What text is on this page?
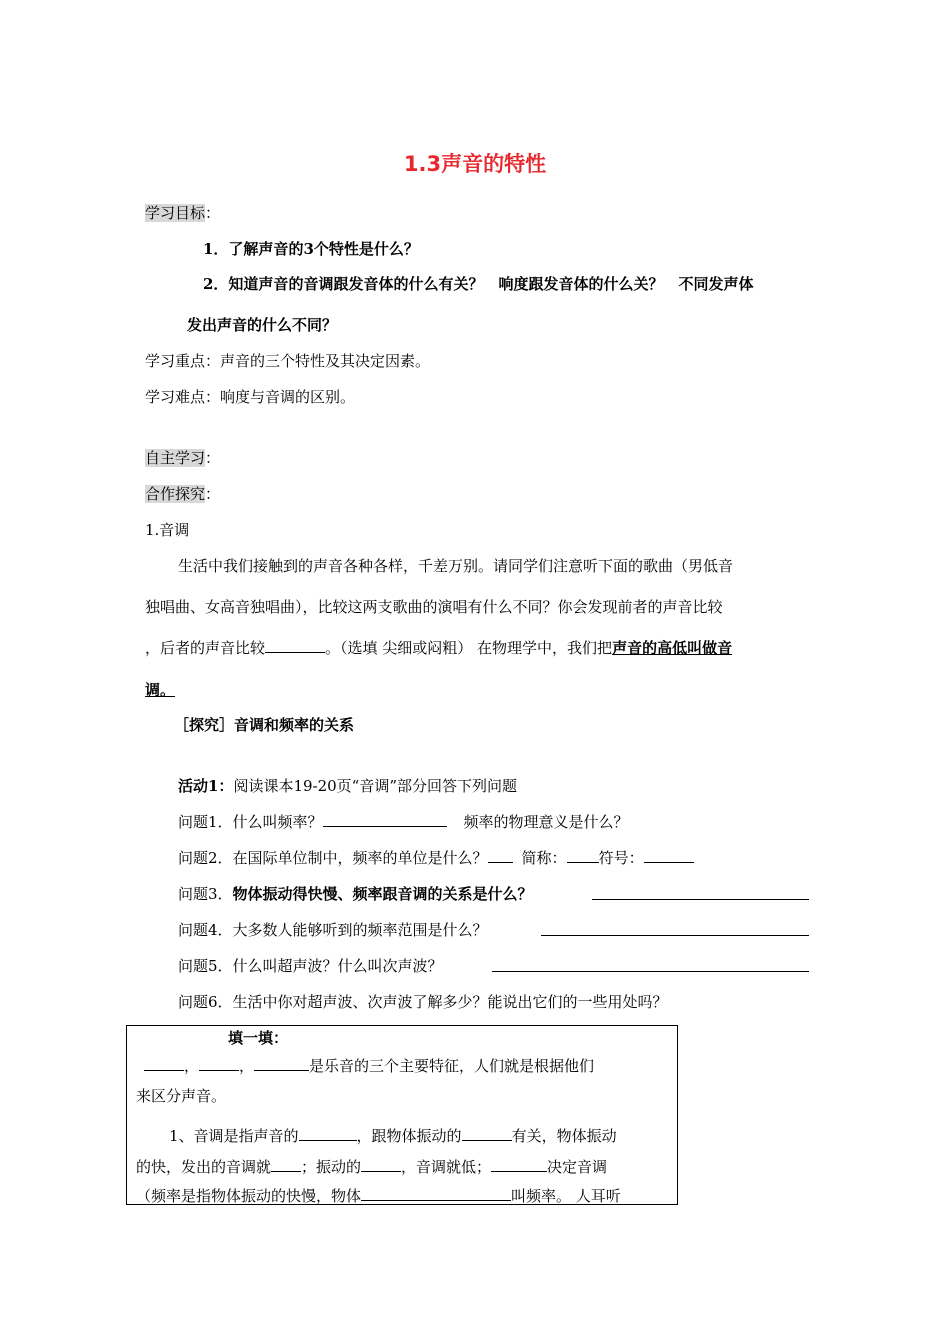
1.3声音的特性
学习目标：
1．了解声音的3个特性是什么？
2．知道声音的音调跟发音体的什么有关？　响度跟发音体的什么关？　不同发声体
发出声音的什么不同？
学习重点：声音的三个特性及其决定因素。
学习难点：响度与音调的区别。
自主学习：
合作探究：
1.音调
生活中我们接触到的声音各种各样，千差万别。请同学们注意听下面的歌曲（男低音
独唱曲、女高音独唱曲），比较这两支歌曲的演唱有什么不同？你会发现前者的声音比较
，后者的声音比较	。（选填 尖细或闷粗） 在物理学中，我们把声音的高低叫做音
调。
［探究］音调和频率的关系
活动1：阅读课本19-20页“音调”部分回答下列问题
问题1．什么叫频率？	频率的物理意义是什么？
问题2．在国际单位制中，频率的单位是什么？ 简称： 符号：
问题3．物体振动得快慢、频率跟音调的关系是什么？
问题4．大多数人能够听到的频率范围是什么？
问题5．什么叫超声波？什么叫次声波？
问题6．生活中你对超声波、次声波了解多少？能说出它们的一些用处吗？
填一填：
，	，	是乐音的三个主要特征，人们就是根据他们
来区分声音。
1、音调是指声音的	，跟物体振动的	有关，物体振动
的快，发出的音调就 ；振动的	，音调就低；	决定音调
（频率是指物体振动的快慢，物体	叫频率。 人耳听
